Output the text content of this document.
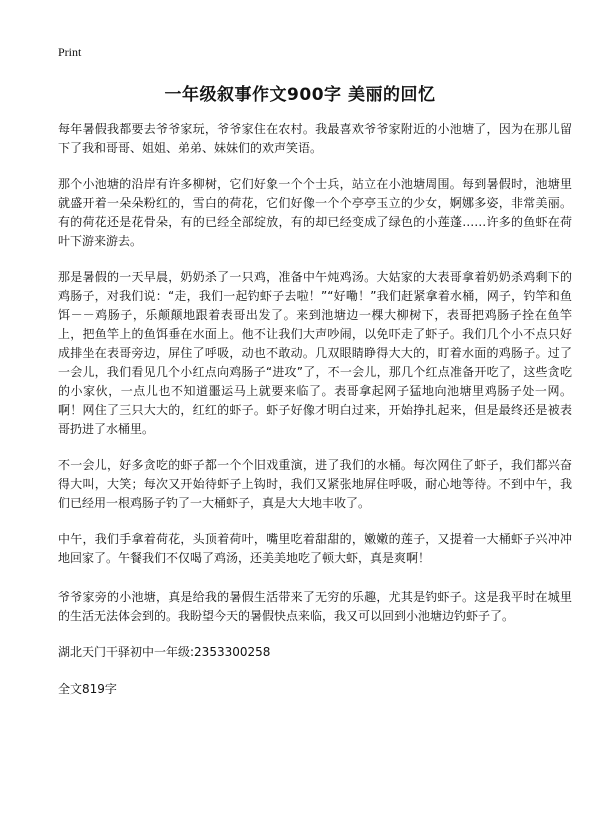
Print
一年级叙事作文900字 美丽的回忆

每年暑假我都要去爷爷家玩，爷爷家住在农村。我最喜欢爷爷家附近的小池塘了，因为在那儿留下了我和哥哥、姐姐、弟弟、妹妹们的欢声笑语。

那个小池塘的沿岸有许多柳树，它们好象一个个士兵，站立在小池塘周围。每到暑假时，池塘里就盛开着一朵朵粉红的，雪白的荷花，它们好像一个个亭亭玉立的少女，婀娜多姿，非常美丽。有的荷花还是花骨朵，有的已经全部绽放，有的却已经变成了绿色的小莲蓬……许多的鱼虾在荷叶下游来游去。

那是暑假的一天早晨，奶奶杀了一只鸡，准备中午炖鸡汤。大姑家的大表哥拿着奶奶杀鸡剩下的鸡肠子，对我们说：“走，我们一起钓虾子去啦！”“好嘞！”我们赶紧拿着水桶，网子，钓竿和鱼饵－－鸡肠子，乐颠颠地跟着表哥出发了。来到池塘边一棵大柳树下，表哥把鸡肠子拴在鱼竿上，把鱼竿上的鱼饵垂在水面上。他不让我们大声吵闹，以免吓走了虾子。我们几个小不点只好成排坐在表哥旁边，屏住了呼吸，动也不敢动。几双眼睛睁得大大的，盯着水面的鸡肠子。过了一会儿，我们看见几个小红点向鸡肠子“进攻”了，不一会儿，那几个红点准备开吃了，这些贪吃的小家伙，一点儿也不知道噩运马上就要来临了。表哥拿起网子猛地向池塘里鸡肠子处一网。啊！网住了三只大大的，红红的虾子。虾子好像才明白过来，开始挣扎起来，但是最终还是被表哥扔进了水桶里。

不一会儿，好多贪吃的虾子都一个个旧戏重演，进了我们的水桶。每次网住了虾子，我们都兴奋得大叫，大笑；每次又开始待虾子上钩时，我们又紧张地屏住呼吸，耐心地等待。不到中午，我们已经用一根鸡肠子钓了一大桶虾子，真是大大地丰收了。

中午，我们手拿着荷花，头顶着荷叶，嘴里吃着甜甜的，嫩嫩的莲子，又提着一大桶虾子兴冲冲地回家了。午餐我们不仅喝了鸡汤，还美美地吃了顿大虾，真是爽啊！

爷爷家旁的小池塘，真是给我的暑假生活带来了无穷的乐趣，尤其是钓虾子。这是我平时在城里的生活无法体会到的。我盼望今天的暑假快点来临，我又可以回到小池塘边钓虾子了。

湖北天门干驿初中一年级:2353300258

全文819字
